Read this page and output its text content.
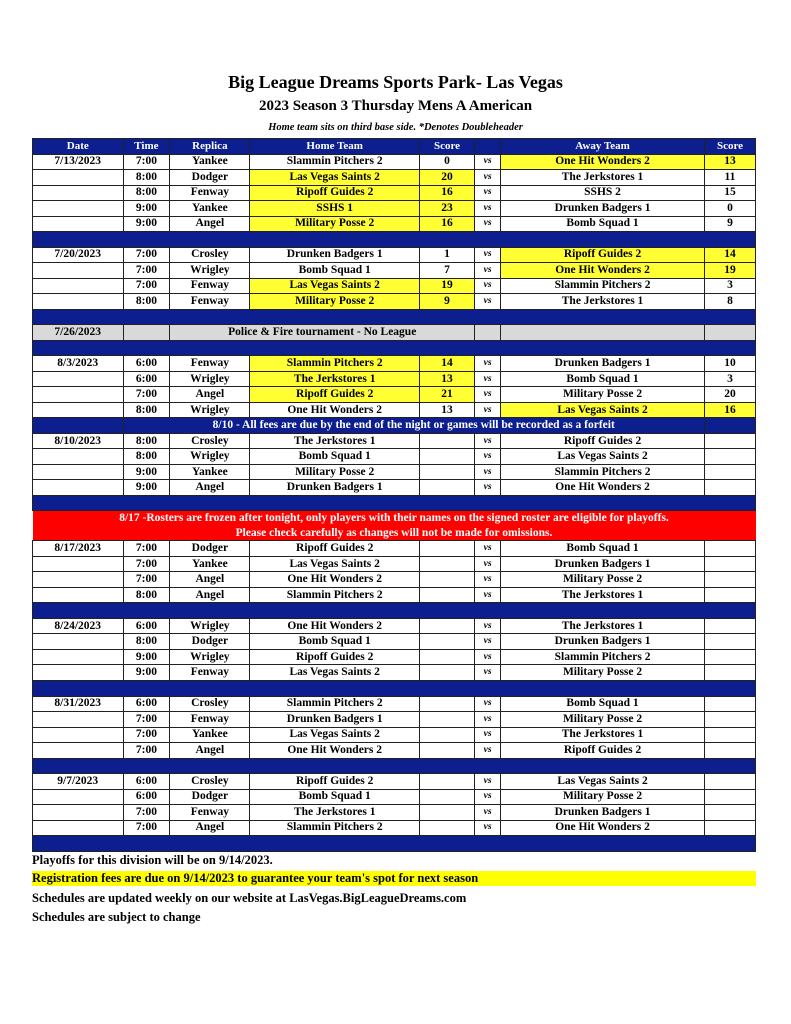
Big League Dreams Sports Park- Las Vegas
2023 Season 3 Thursday Mens A American
Home team sits on third base side. *Denotes Doubleheader
Date	Time	Replica	Home Team	Score		Away Team	Score
7/13/2023	7:00	Yankee	Slammin Pitchers 2	0	vs	One Hit Wonders 2	13
	8:00	Dodger	Las Vegas Saints 2	20	vs	The Jerkstores 1	11
	8:00	Fenway	Ripoff Guides 2	16	vs	SSHS 2	15
	9:00	Yankee	SSHS 1	23	vs	Drunken Badgers 1	0
	9:00	Angel	Military Posse 2	16	vs	Bomb Squad 1	9

7/20/2023	7:00	Crosley	Drunken Badgers 1	1	vs	Ripoff Guides 2	14
	7:00	Wrigley	Bomb Squad 1	7	vs	One Hit Wonders 2	19
	7:00	Fenway	Las Vegas Saints 2	19	vs	Slammin Pitchers 2	3
	8:00	Fenway	Military Posse 2	9	vs	The Jerkstores 1	8

7/26/2023		Police & Fire tournament - No League					

8/3/2023	6:00	Fenway	Slammin Pitchers 2	14	vs	Drunken Badgers 1	10
	6:00	Wrigley	The Jerkstores 1	13	vs	Bomb Squad 1	3
	7:00	Angel	Ripoff Guides 2	21	vs	Military Posse 2	20
	8:00	Wrigley	One Hit Wonders 2	13	vs	Las Vegas Saints 2	16
	8/10 - All fees are due by the end of the night or games will be recorded as a forfeit						
8/10/2023	8:00	Crosley	The Jerkstores 1		vs	Ripoff Guides 2	
	8:00	Wrigley	Bomb Squad 1		vs	Las Vegas Saints 2	
	9:00	Yankee	Military Posse 2		vs	Slammin Pitchers 2	
	9:00	Angel	Drunken Badgers 1		vs	One Hit Wonders 2	

8/17 -Rosters are frozen after tonight, only players with their names on the signed roster are eligible for playoffs.							
Please check carefully as changes will not be made for omissions.							
8/17/2023	7:00	Dodger	Ripoff Guides 2		vs	Bomb Squad 1	
	7:00	Yankee	Las Vegas Saints 2		vs	Drunken Badgers 1	
	7:00	Angel	One Hit Wonders 2		vs	Military Posse 2	
	8:00	Angel	Slammin Pitchers 2		vs	The Jerkstores 1	

8/24/2023	6:00	Wrigley	One Hit Wonders 2		vs	The Jerkstores 1	
	8:00	Dodger	Bomb Squad 1		vs	Drunken Badgers 1	
	9:00	Wrigley	Ripoff Guides 2		vs	Slammin Pitchers 2	
	9:00	Fenway	Las Vegas Saints 2		vs	Military Posse 2	

8/31/2023	6:00	Crosley	Slammin Pitchers 2		vs	Bomb Squad 1	
	7:00	Fenway	Drunken Badgers 1		vs	Military Posse 2	
	7:00	Yankee	Las Vegas Saints 2		vs	The Jerkstores 1	
	7:00	Angel	One Hit Wonders 2		vs	Ripoff Guides 2	

9/7/2023	6:00	Crosley	Ripoff Guides 2		vs	Las Vegas Saints 2	
	6:00	Dodger	Bomb Squad 1		vs	Military Posse 2	
	7:00	Fenway	The Jerkstores 1		vs	Drunken Badgers 1	
	7:00	Angel	Slammin Pitchers 2		vs	One Hit Wonders 2	

Playoffs for this division will be on 9/14/2023.
Registration fees are due on 9/14/2023 to guarantee your team's spot for next season
Schedules are updated weekly on our website at LasVegas.BigLeagueDreams.com
Schedules are subject to change
